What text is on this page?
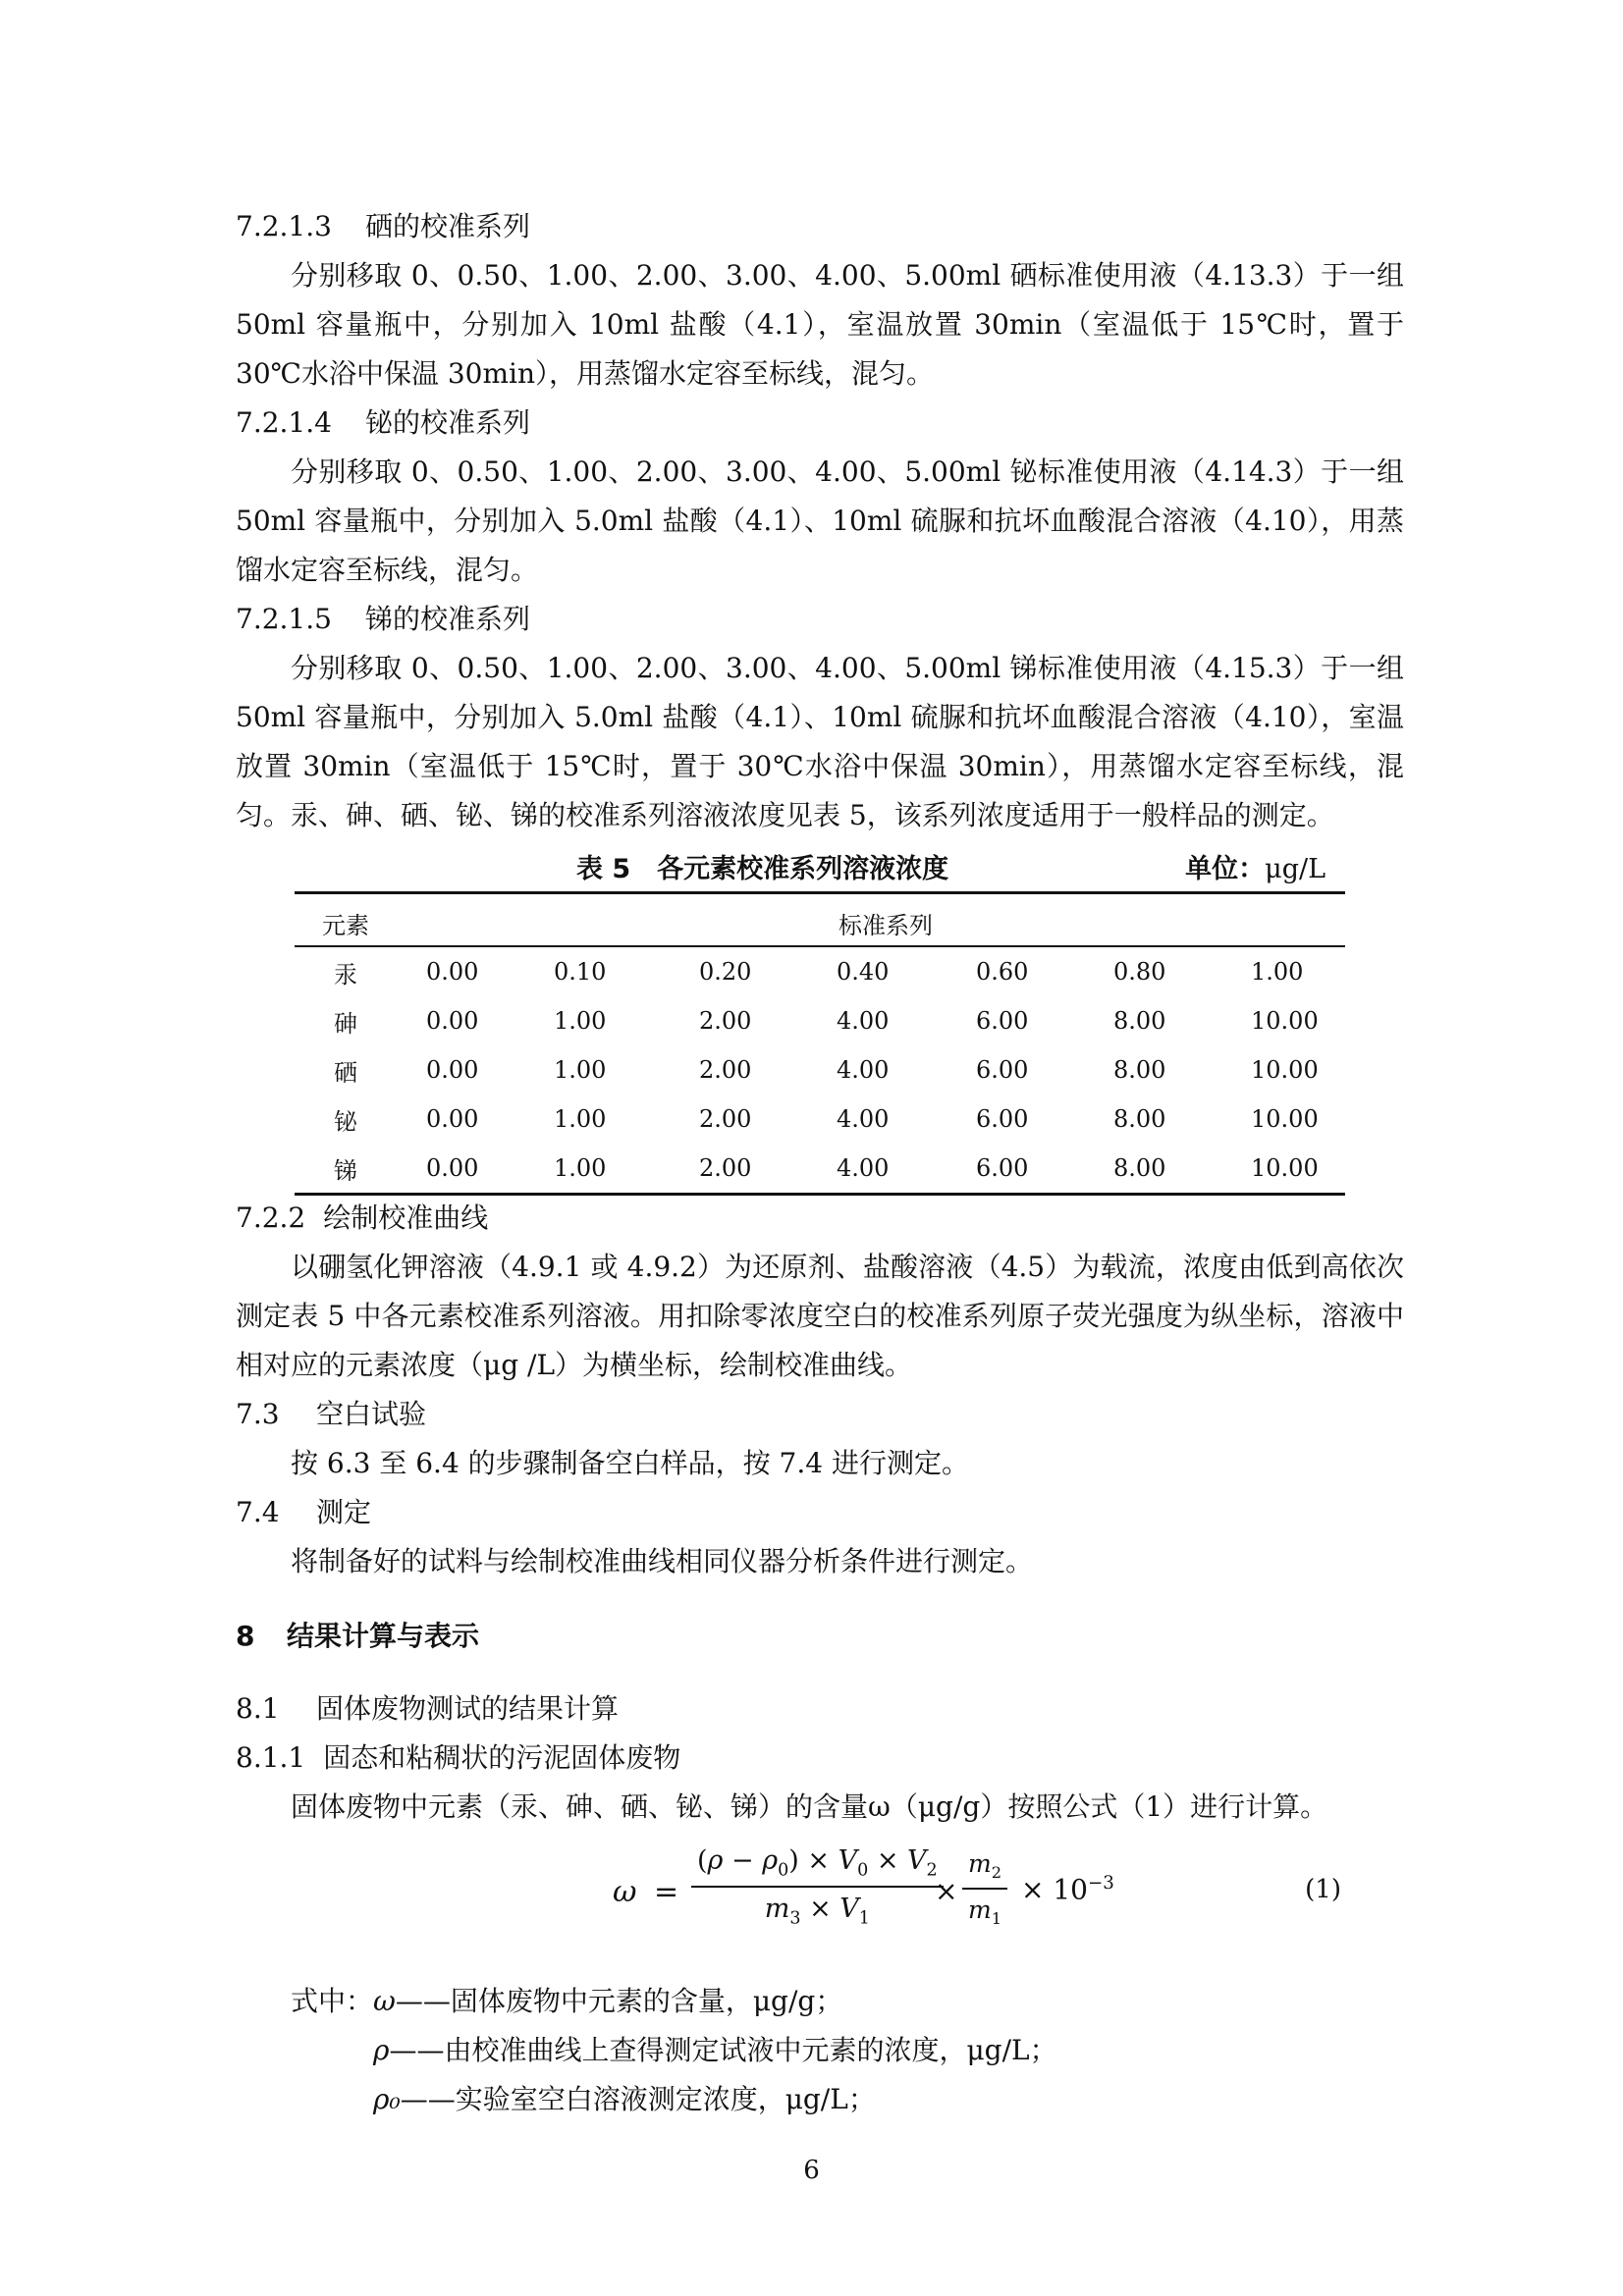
7.2.1.3 硒的校准系列
分别移取 0、0.50、1.00、2.00、3.00、4.00、5.00ml 硒标准使用液（4.13.3）于一组 50ml 容量瓶中，分别加入 10ml 盐酸（4.1），室温放置 30min（室温低于 15℃时，置于 30℃水浴中保温 30min），用蒸馏水定容至标线，混匀。
7.2.1.4 铋的校准系列
分别移取 0、0.50、1.00、2.00、3.00、4.00、5.00ml 铋标准使用液（4.14.3）于一组 50ml 容量瓶中，分别加入 5.0ml 盐酸（4.1）、10ml 硫脲和抗坏血酸混合溶液（4.10），用蒸馏水定容至标线，混匀。
7.2.1.5 锑的校准系列
分别移取 0、0.50、1.00、2.00、3.00、4.00、5.00ml 锑标准使用液（4.15.3）于一组 50ml 容量瓶中，分别加入 5.0ml 盐酸（4.1）、10ml 硫脲和抗坏血酸混合溶液（4.10），室温放置 30min（室温低于 15℃时，置于 30℃水浴中保温 30min），用蒸馏水定容至标线，混匀。 汞、砷、硒、铋、锑的校准系列溶液浓度见表 5，该系列浓度适用于一般样品的测定。
表 5　各元素校准系列溶液浓度	单位：μg/L

元素	标准系列						
汞	0.00	0.10	0.20	0.40	0.60	0.80	1.00
砷	0.00	1.00	2.00	4.00	6.00	8.00	10.00
硒	0.00	1.00	2.00	4.00	6.00	8.00	10.00
铋	0.00	1.00	2.00	4.00	6.00	8.00	10.00
锑	0.00	1.00	2.00	4.00	6.00	8.00	10.00
7.2.2 绘制校准曲线
以硼氢化钾溶液（4.9.1 或 4.9.2）为还原剂、盐酸溶液（4.5）为载流，浓度由低到高依次测定表 5 中各元素校准系列溶液。用扣除零浓度空白的校准系列原子荧光强度为纵坐标，溶液中相对应的元素浓度（μg /L）为横坐标，绘制校准曲线。
7.3 空白试验
按 6.3 至 6.4 的步骤制备空白样品，按 7.4 进行测定。
7.4 测定
将制备好的试料与绘制校准曲线相同仪器分析条件进行测定。
8 结果计算与表示
8.1 固体废物测试的结果计算
8.1.1 固态和粘稠状的污泥固体废物
固体废物中元素（汞、砷、硒、铋、锑）的含量ω（μg/g）按照公式（1）进行计算。
$\omega = \frac{(\rho - \rho_0) \times V_0 \times V_2}{m_3 \times V_1}$
× $\frac{m_2}{m_1} \times 10^{-3}$	(1)
式中：ω——固体废物中元素的含量，μg/g；
ρ——由校准曲线上查得测定试液中元素的浓度，μg/L；
ρ₀——实验室空白溶液测定浓度，μg/L；
6
